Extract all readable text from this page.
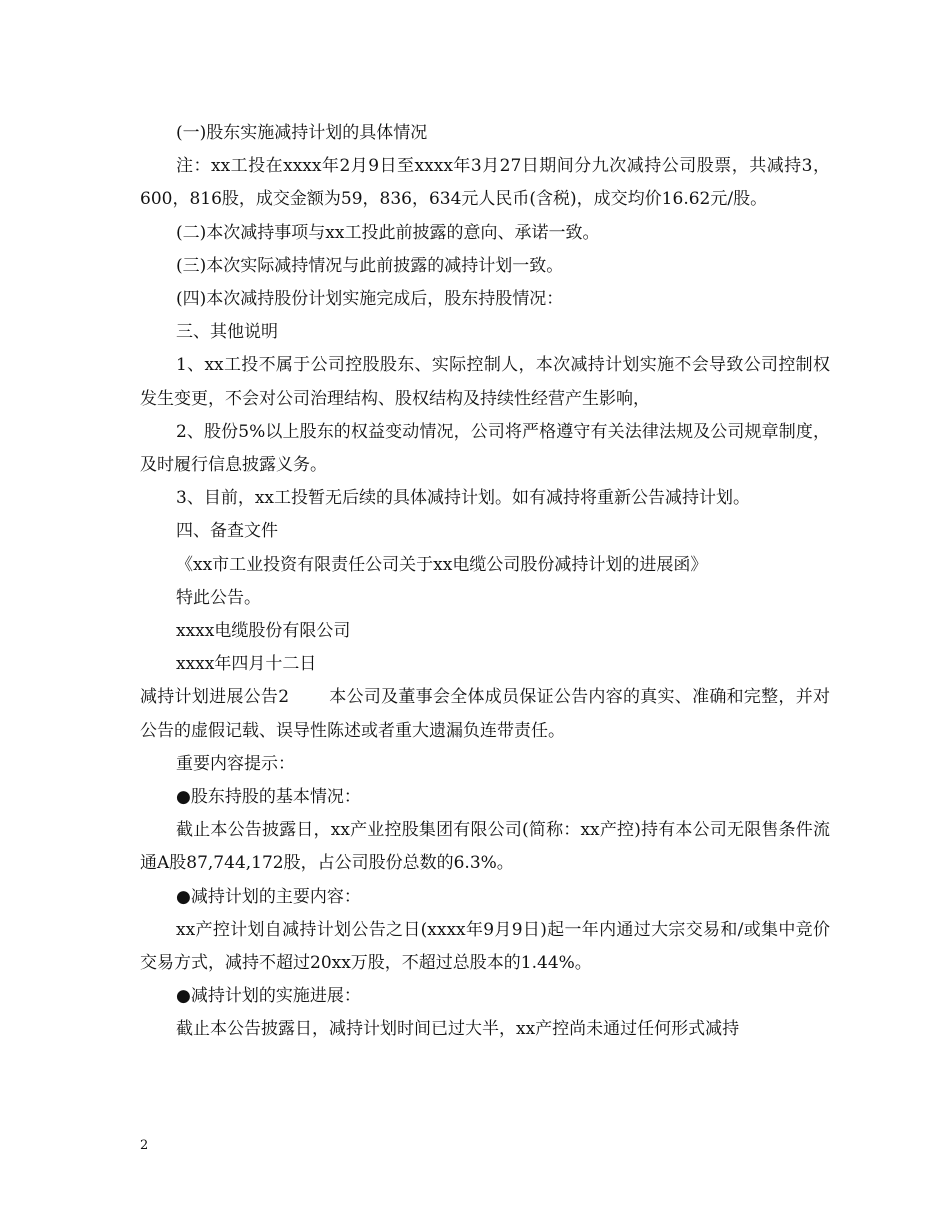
(一)股东实施减持计划的具体情况

注：xx工投在xxxx年2月9日至xxxx年3月27日期间分九次减持公司股票，共减持3，600，816股，成交金额为59，836，634元人民币(含税)，成交均价16.62元/股。

(二)本次减持事项与xx工投此前披露的意向、承诺一致。

(三)本次实际减持情况与此前披露的减持计划一致。

(四)本次减持股份计划实施完成后，股东持股情况：

三、其他说明

1、xx工投不属于公司控股股东、实际控制人，本次减持计划实施不会导致公司控制权发生变更，不会对公司治理结构、股权结构及持续性经营产生影响，

2、股份5%以上股东的权益变动情况，公司将严格遵守有关法律法规及公司规章制度，及时履行信息披露义务。

3、目前，xx工投暂无后续的具体减持计划。如有减持将重新公告减持计划。

四、备查文件

《xx市工业投资有限责任公司关于xx电缆公司股份减持计划的进展函》

特此公告。

xxxx电缆股份有限公司

xxxx年四月十二日

减持计划进展公告2 本公司及董事会全体成员保证公告内容的真实、准确和完整，并对公告的虚假记载、误导性陈述或者重大遗漏负连带责任。

重要内容提示：

●股东持股的基本情况：

截止本公告披露日，xx产业控股集团有限公司(简称：xx产控)持有本公司无限售条件流通A股87,744,172股，占公司股份总数的6.3%。

●减持计划的主要内容：

xx产控计划自减持计划公告之日(xxxx年9月9日)起一年内通过大宗交易和/或集中竞价交易方式，减持不超过20xx万股，不超过总股本的1.44%。

●减持计划的实施进展：

截止本公告披露日，减持计划时间已过大半，xx产控尚未通过任何形式减持

2
